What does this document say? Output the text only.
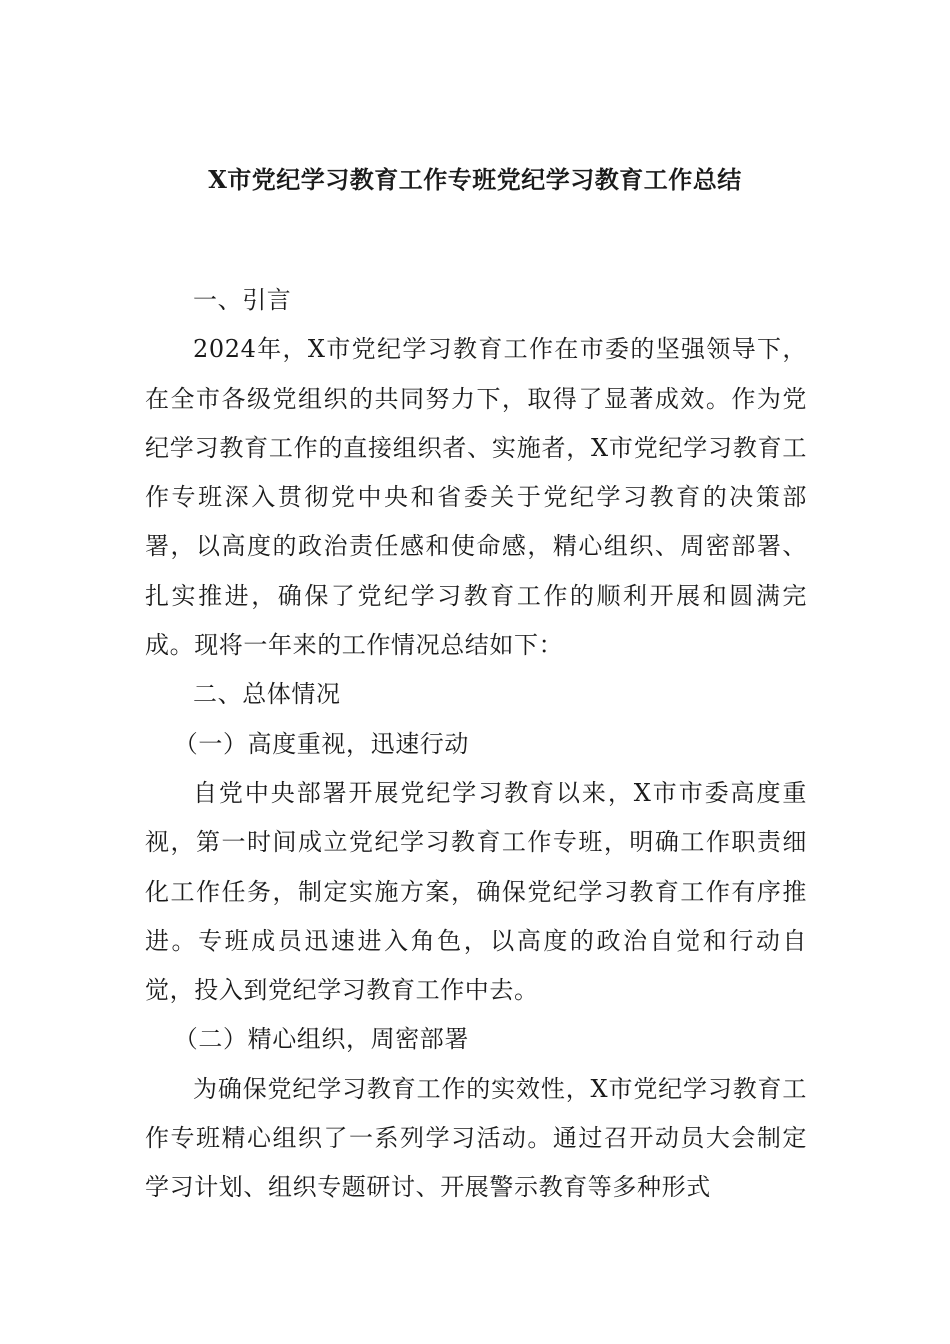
X市党纪学习教育工作专班党纪学习教育工作总结

一、引言

2024年，X市党纪学习教育工作在市委的坚强领导下，在全市各级党组织的共同努力下，取得了显著成效。作为党纪学习教育工作的直接组织者、实施者，X市党纪学习教育工作专班深入贯彻党中央和省委关于党纪学习教育的决策部署，以高度的政治责任感和使命感，精心组织、周密部署、扎实推进，确保了党纪学习教育工作的顺利开展和圆满完成。现将一年来的工作情况总结如下：

二、总体情况

（一）高度重视，迅速行动

自党中央部署开展党纪学习教育以来，X市市委高度重视，第一时间成立党纪学习教育工作专班，明确工作职责细化工作任务，制定实施方案，确保党纪学习教育工作有序推进。专班成员迅速进入角色，以高度的政治自觉和行动自觉，投入到党纪学习教育工作中去。

（二）精心组织，周密部署

为确保党纪学习教育工作的实效性，X市党纪学习教育工作专班精心组织了一系列学习活动。通过召开动员大会制定学习计划、组织专题研讨、开展警示教育等多种形式
